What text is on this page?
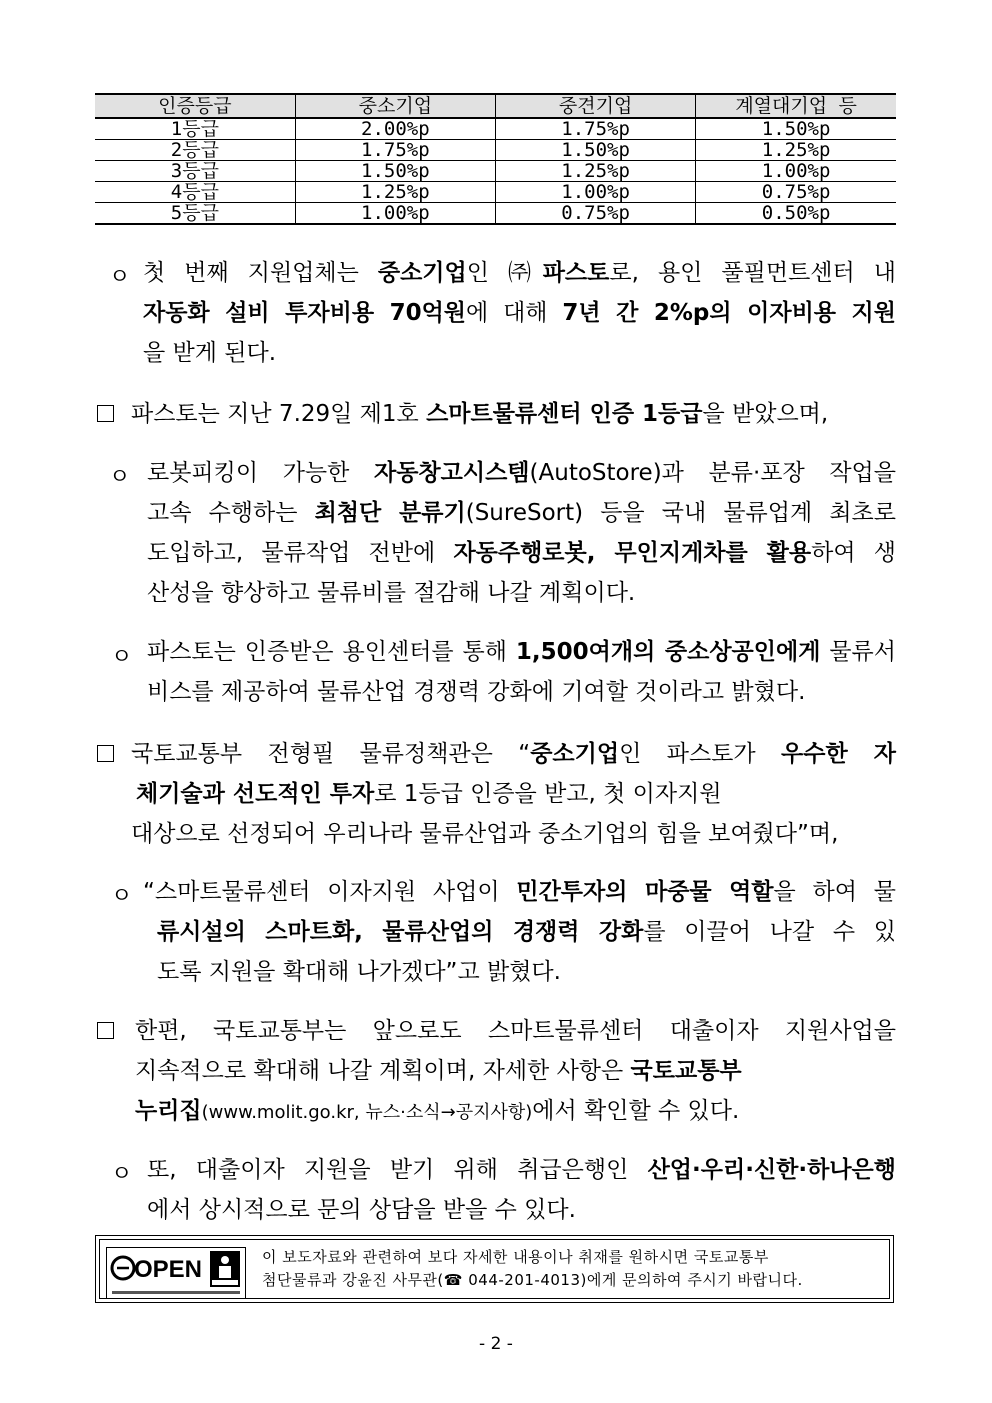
인증등급	중소기업	중견기업	계열대기업 등
1등급	2.00%p	1.75%p	1.50%p
2등급	1.75%p	1.50%p	1.25%p
3등급	1.50%p	1.25%p	1.00%p
4등급	1.25%p	1.00%p	0.75%p
5등급	1.00%p	0.75%p	0.50%p
ㅇ 첫 번째 지원업체는 중소기업인 ㈜파스토로, 용인 풀필먼트센터 내

자동화 설비 투자비용 70억원에 대해 7년 간 2%p의 이자비용 지원

을 받게 된다.

파스토는 지난 7.29일 제1호 스마트물류센터 인증 1등급을 받았으며,

ㅇ 로봇피킹이 가능한 자동창고시스템(AutoStore)과 분류·포장 작업을

고속 수행하는 최첨단 분류기(SureSort) 등을 국내 물류업계 최초로

도입하고, 물류작업 전반에 자동주행로봇, 무인지게차를 활용하여 생

산성을 향상하고 물류비를 절감해 나갈 계획이다.

ㅇ 파스토는 인증받은 용인센터를 통해 1,500여개의 중소상공인에게 물류서

비스를 제공하여 물류산업 경쟁력 강화에 기여할 것이라고 밝혔다.

국토교통부 전형필 물류정책관은 “중소기업인 파스토가 우수한 자

체기술과 선도적인 투자로 1등급 인증을 받고, 첫 이자지원

대상으로 선정되어 우리나라 물류산업과 중소기업의 힘을 보여줬다”며,

ㅇ “스마트물류센터 이자지원 사업이 민간투자의 마중물 역할을 하여 물

류시설의 스마트화, 물류산업의 경쟁력 강화를 이끌어 나갈 수 있

도록 지원을 확대해 나가겠다”고 밝혔다.

한편, 국토교통부는 앞으로도 스마트물류센터 대출이자 지원사업을

지속적으로 확대해 나갈 계획이며, 자세한 사항은 국토교통부

누리집(www.molit.go.kr, 뉴스·소식→공지사항)에서 확인할 수 있다.

ㅇ 또, 대출이자 지원을 받기 위해 취급은행인 산업·우리·신한·하나은행

에서 상시적으로 문의 상담을 받을 수 있다.

OPEN	이 보도자료와 관련하여 보다 자세한 내용이나 취재를 원하시면 국토교통부
첨단물류과 강윤진 사무관(☎ 044-201-4013)에게 문의하여 주시기 바랍니다.
- 2 -
